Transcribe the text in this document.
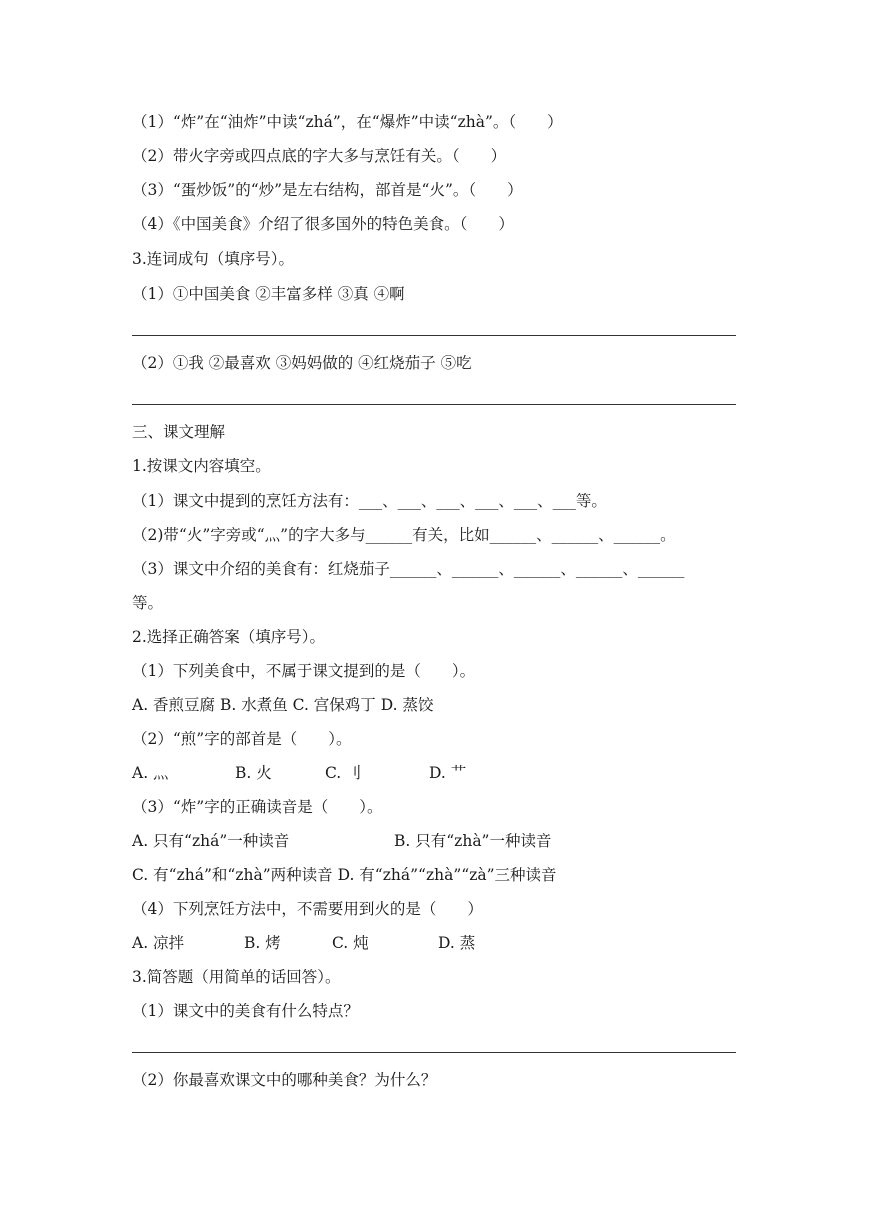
（1）“炸”在“油炸”中读“zhá”，在“爆炸”中读“zhà”。（　　）
（2）带火字旁或四点底的字大多与烹饪有关。（　　）
（3）“蛋炒饭”的“炒”是左右结构，部首是“火”。（　　）
（4）《中国美食》介绍了很多国外的特色美食。（　　）
3.连词成句（填序号）。
（1）①中国美食 ②丰富多样 ③真 ④啊
（2）①我 ②最喜欢 ③妈妈做的 ④红烧茄子 ⑤吃
三、课文理解
1.按课文内容填空。
（1）课文中提到的烹饪方法有：___、___、___、___、___、___等。
（2)带“火”字旁或“灬”的字大多与______有关，比如______、______、______。
（3）课文中介绍的美食有：红烧茄子______、______、______、______、______
等。
2.选择正确答案（填序号）。
（1）下列美食中，不属于课文提到的是（　　）。
A. 香煎豆腐 B. 水煮鱼 C. 宫保鸡丁 D. 蒸饺
（2）“煎”字的部首是（　　）。
A. 灬	B. 火	C. 刂	D. 艹
（3）“炸”字的正确读音是（　　）。
A. 只有“zhá”一种读音	B. 只有“zhà”一种读音
C. 有“zhá”和“zhà”两种读音 D. 有“zhá”“zhà”“zà”三种读音
（4）下列烹饪方法中，不需要用到火的是（　　）
A. 凉拌	B. 烤	C. 炖	D. 蒸
3.简答题（用简单的话回答）。
（1）课文中的美食有什么特点？
（2）你最喜欢课文中的哪种美食？为什么？
